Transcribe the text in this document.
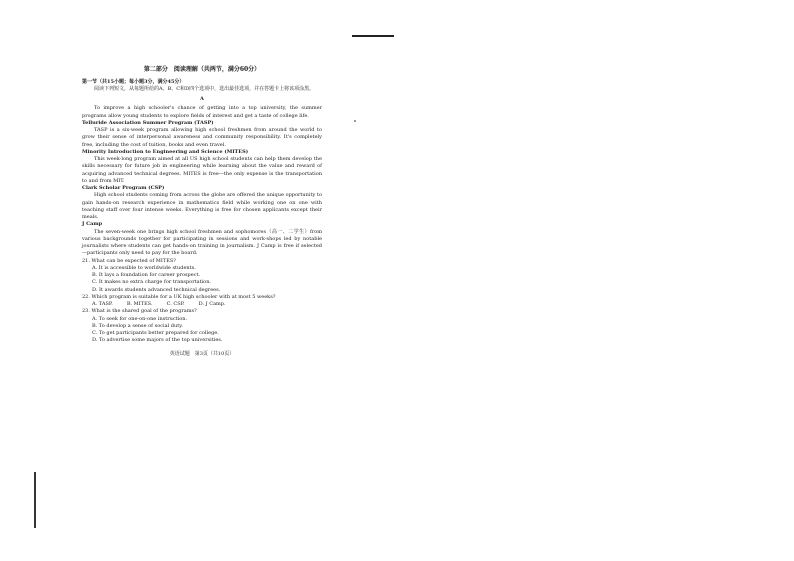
第二部分　阅读理解（共两节，满分60分）

第一节（共15小题；每小题3分，满分45分）

阅读下列短文，从每题所给的A、B、C和D四个选项中，选出最佳选项，并在答题卡上将该项涂黑。

A

To improve a high schooler's chance of getting into a top university, the summer programs allow young students to explore fields of interest and get a taste of college life.

Telluride Association Summer Program (TASP)

TASP is a six-week program allowing high school freshmen from around the world to grow their sense of interpersonal awareness and community responsibility. It's completely free, including the cost of tuition, books and even travel.

Minority Introduction to Engineering and Science (MITES)

This week-long program aimed at all US high school students can help them develop the skills necessary for future job in engineering while learning about the value and reward of acquiring advanced technical degrees. MITES is free—the only expense is the transportation to and from MIT.

Clark Scholar Program (CSP)

High school students coming from across the globe are offered the unique opportunity to gain hands-on research experience in mathematics field while working one on one with teaching staff over four intense weeks. Everything is free for chosen applicants except their meals.

J Camp

The seven-week one brings high school freshmen and sophomores（高一、二学生）from various backgrounds together for participating in sessions and work-shops led by notable journalists where students can get hands-on training in journalism. J Camp is free if selected—participants only need to pay for the board.

21. What can be expected of MITES?

A. It is accessible to worldwide students.

B. It lays a foundation for career prospect.

C. It makes no extra charge for transportation.

D. It awards students advanced technical degrees.

22. Which program is suitable for a UK high schooler with at most 5 weeks?

A. TASP.	B. MITES.	C. CSP.	D. J Camp.

23. What is the shared goal of the programs?

A. To seek for one-on-one instruction.

B. To develop a sense of social duty.

C. To get participants better prepared for college.

D. To advertise some majors of the top universities.

英语试题　第3页（共10页）
